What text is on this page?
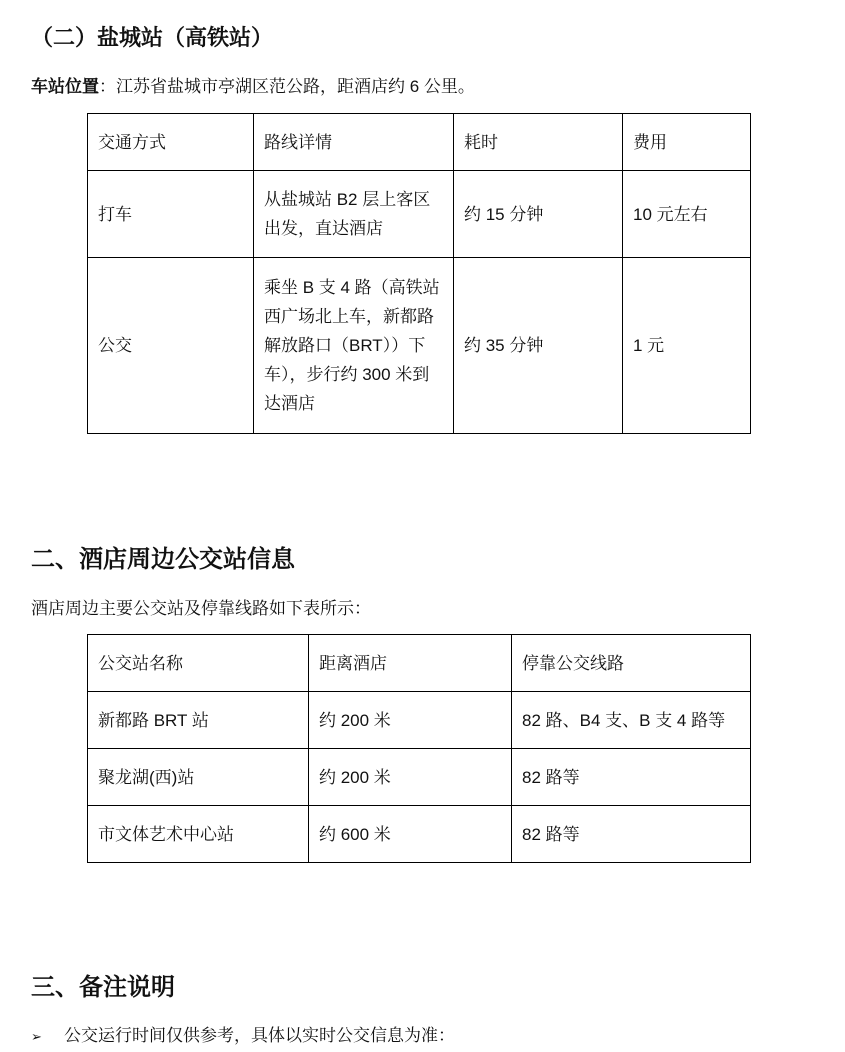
（二）盐城站（高铁站）

车站位置：江苏省盐城市亭湖区范公路，距酒店约 6 公里。

交通方式	路线详情	耗时	费用
打车	从盐城站 B2 层上客区出发，直达酒店	约 15 分钟	10 元左右
公交	乘坐 B 支 4 路（高铁站西广场北上车，新都路解放路口（BRT））下车），步行约 300 米到达酒店	约 35 分钟	1 元
二、酒店周边公交站信息

酒店周边主要公交站及停靠线路如下表所示：

公交站名称	距离酒店	停靠公交线路
新都路 BRT 站	约 200 米	82 路、B4 支、B 支 4 路等
聚龙湖(西)站	约 200 米	82 路等
市文体艺术中心站	约 600 米	82 路等
三、备注说明
➢ 公交运行时间仅供参考，具体以实时公交信息为准：
